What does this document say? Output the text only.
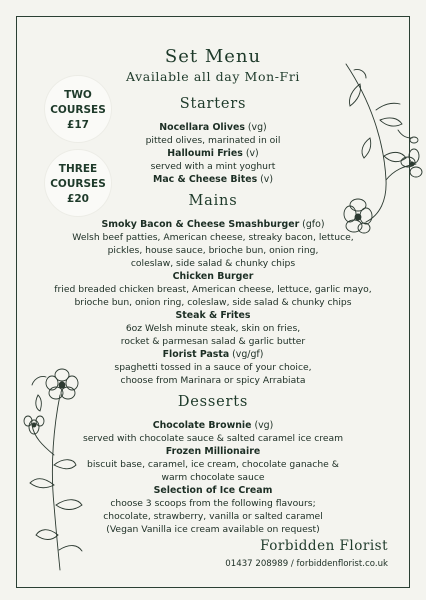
Set Menu
Available all day Mon-Fri
TWO
COURSES
£17
THREE
COURSES
£20
Starters
Nocellara Olives (vg)
pitted olives, marinated in oil
Halloumi Fries (v)
served with a mint yoghurt
Mac & Cheese Bites (v)
Mains
Smoky Bacon & Cheese Smashburger (gfo)
Welsh beef patties, American cheese, streaky bacon, lettuce,
pickles, house sauce, brioche bun, onion ring,
coleslaw, side salad & chunky chips
Chicken Burger
fried breaded chicken breast, American cheese, lettuce, garlic mayo,
brioche bun, onion ring, coleslaw, side salad & chunky chips
Steak & Frites
6oz Welsh minute steak, skin on fries,
rocket & parmesan salad & garlic butter
Florist Pasta (vg/gf)
spaghetti tossed in a sauce of your choice,
choose from Marinara or spicy Arrabiata
Desserts
Chocolate Brownie (vg)
served with chocolate sauce & salted caramel ice cream
Frozen Millionaire
biscuit base, caramel, ice cream, chocolate ganache &
warm chocolate sauce
Selection of Ice Cream
choose 3 scoops from the following flavours;
chocolate, strawberry, vanilla or salted caramel
(Vegan Vanilla ice cream available on request)
Forbidden Florist
01437 208989 / forbiddenflorist.co.uk
